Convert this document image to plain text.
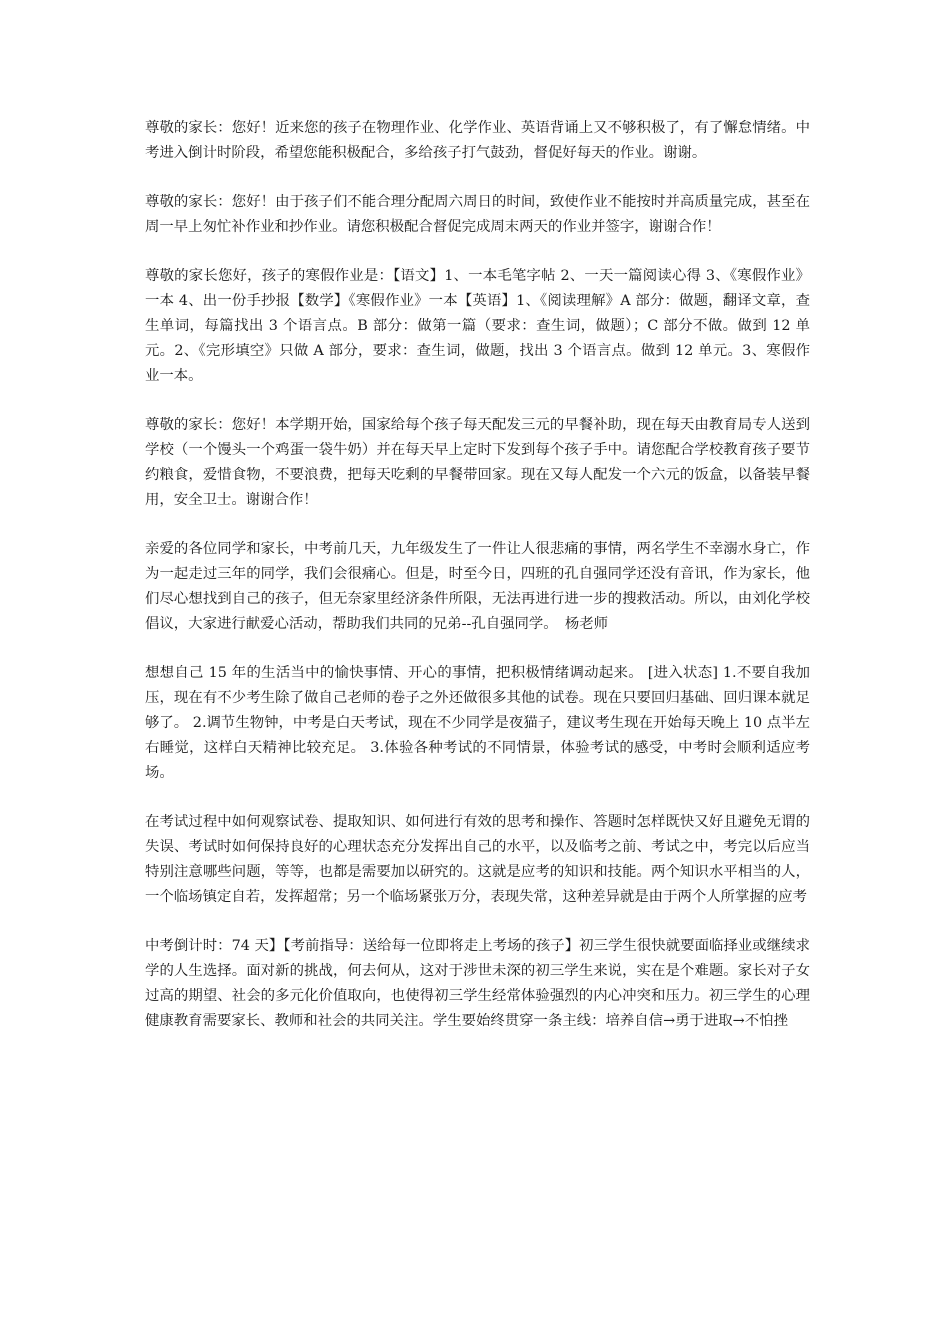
尊敬的家长：您好！近来您的孩子在物理作业、化学作业、英语背诵上又不够积极了，有了懈怠情绪。中考进入倒计时阶段，希望您能积极配合，多给孩子打气鼓劲，督促好每天的作业。谢谢。

尊敬的家长：您好！由于孩子们不能合理分配周六周日的时间，致使作业不能按时并高质量完成，甚至在周一早上匆忙补作业和抄作业。请您积极配合督促完成周末两天的作业并签字，谢谢合作！

尊敬的家长您好，孩子的寒假作业是：【语文】1、一本毛笔字帖 2、一天一篇阅读心得 3、《寒假作业》一本 4、出一份手抄报【数学】《寒假作业》一本【英语】1、《阅读理解》A 部分：做题，翻译文章，查生单词，每篇找出 3 个语言点。B 部分：做第一篇（要求：查生词，做题）；C 部分不做。做到 12 单元。2、《完形填空》只做 A 部分，要求：查生词，做题，找出 3 个语言点。做到 12 单元。3、寒假作业一本。

尊敬的家长：您好！本学期开始，国家给每个孩子每天配发三元的早餐补助，现在每天由教育局专人送到学校（一个馒头一个鸡蛋一袋牛奶）并在每天早上定时下发到每个孩子手中。请您配合学校教育孩子要节约粮食，爱惜食物，不要浪费，把每天吃剩的早餐带回家。现在又每人配发一个六元的饭盒，以备装早餐用，安全卫士。谢谢合作！

亲爱的各位同学和家长，中考前几天，九年级发生了一件让人很悲痛的事情，两名学生不幸溺水身亡，作为一起走过三年的同学，我们会很痛心。但是，时至今日，四班的孔自强同学还没有音讯，作为家长，他们尽心想找到自己的孩子，但无奈家里经济条件所限，无法再进行进一步的搜救活动。所以，由刘化学校倡议，大家进行献爱心活动，帮助我们共同的兄弟--孔自强同学。　杨老师

想想自己 15 年的生活当中的愉快事情、开心的事情，把积极情绪调动起来。 [进入状态] 1.不要自我加压，现在有不少考生除了做自己老师的卷子之外还做很多其他的试卷。现在只要回归基础、回归课本就足够了。 2.调节生物钟，中考是白天考试，现在不少同学是夜猫子，建议考生现在开始每天晚上 10 点半左右睡觉，这样白天精神比较充足。 3.体验各种考试的不同情景，体验考试的感受，中考时会顺利适应考场。

在考试过程中如何观察试卷、提取知识、如何进行有效的思考和操作、答题时怎样既快又好且避免无谓的失误、考试时如何保持良好的心理状态充分发挥出自己的水平，以及临考之前、考试之中，考完以后应当特别注意哪些问题，等等，也都是需要加以研究的。这就是应考的知识和技能。两个知识水平相当的人，一个临场镇定自若，发挥超常；另一个临场紧张万分，表现失常，这种差异就是由于两个人所掌握的应考

中考倒计时：74 天】【考前指导：送给每一位即将走上考场的孩子】初三学生很快就要面临择业或继续求学的人生选择。面对新的挑战，何去何从，这对于涉世未深的初三学生来说，实在是个难题。家长对子女过高的期望、社会的多元化价值取向，也使得初三学生经常体验强烈的内心冲突和压力。初三学生的心理健康教育需要家长、教师和社会的共同关注。学生要始终贯穿一条主线：培养自信→勇于进取→不怕挫
